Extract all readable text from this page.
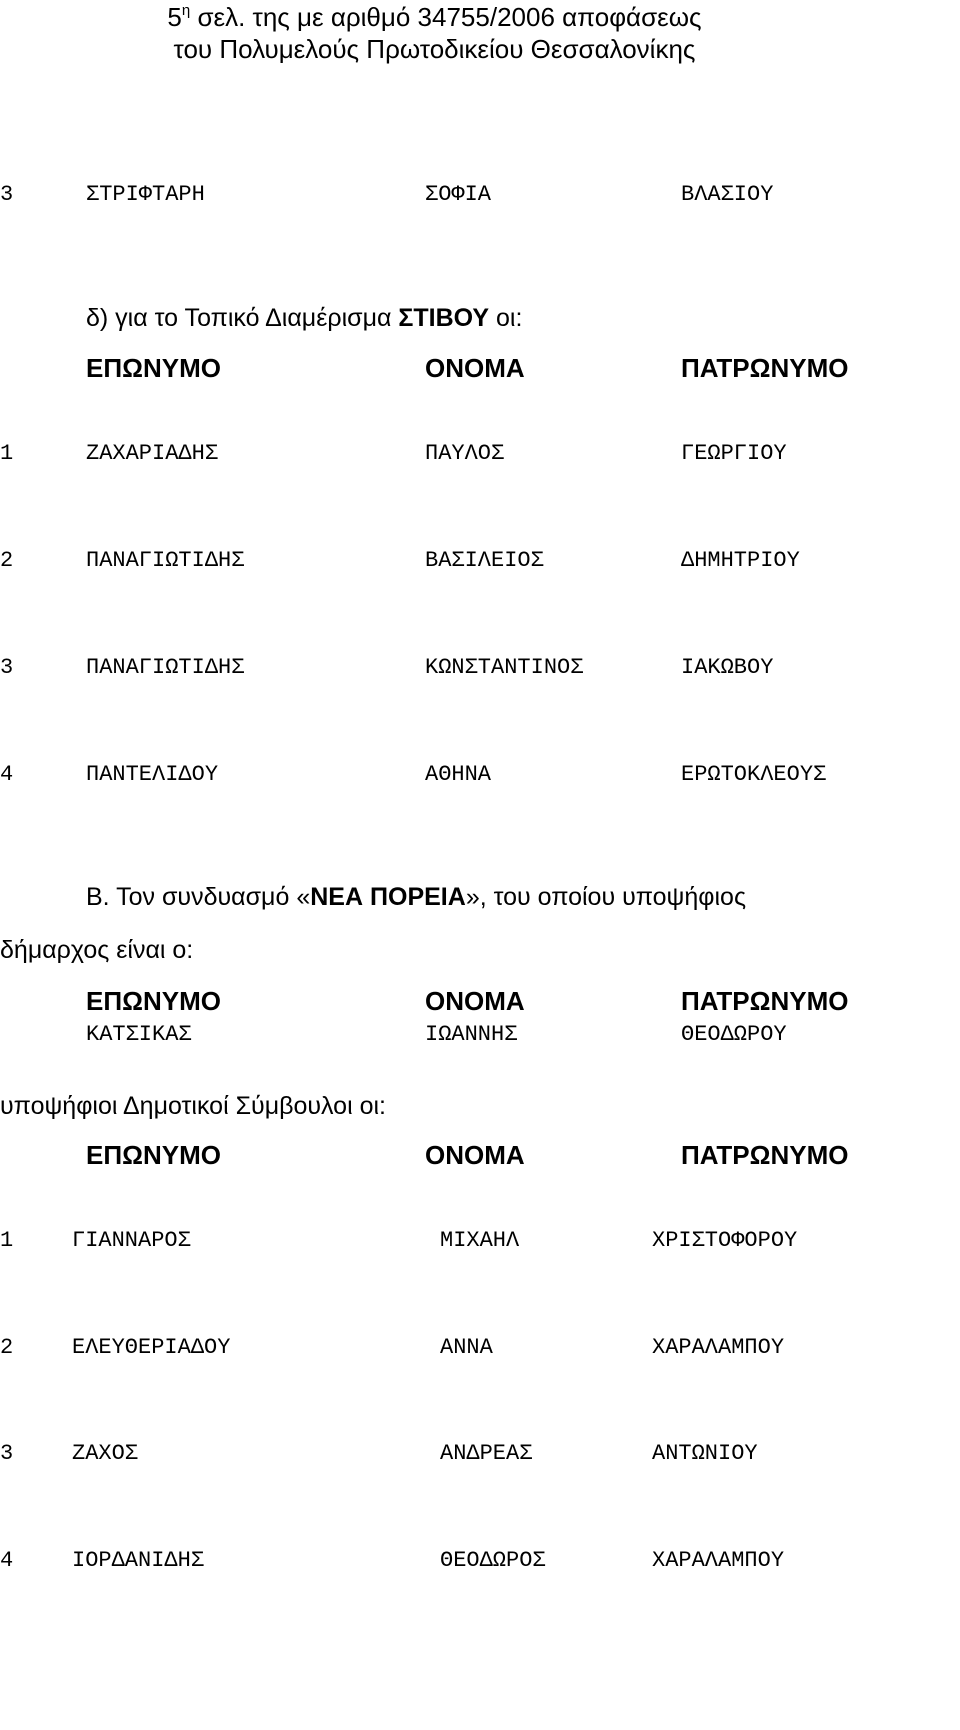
$5^\eta$ σελ. της με αριθμό 34755/2006 αποφάσεως
του Πολυμελούς Πρωτοδικείου Θεσσαλονίκης
3	ΣΤΡΙΦΤΑΡΗ	ΣΟΦΙΑ	ΒΛΑΣΙΟΥ
δ) για το Τοπικό Διαμέρισμα ΣΤΙΒΟΥ οι:
ΕΠΩΝΥΜΟ	ΟΝΟΜΑ	ΠΑΤΡΩΝΥΜΟ
1	ΖΑΧΑΡΙΑΔΗΣ	ΠΑΥΛΟΣ	ΓΕΩΡΓΙΟΥ
2	ΠΑΝΑΓΙΩΤΙΔΗΣ	ΒΑΣΙΛΕΙΟΣ	ΔΗΜΗΤΡΙΟΥ
3	ΠΑΝΑΓΙΩΤΙΔΗΣ	ΚΩΝΣΤΑΝΤΙΝΟΣ	ΙΑΚΩΒΟΥ
4	ΠΑΝΤΕΛΙΔΟΥ	ΑΘΗΝΑ	ΕΡΩΤΟΚΛΕΟΥΣ
Β. Τον συνδυασμό «ΝΕΑ ΠΟΡΕΙΑ», του οποίου υποψήφιος
δήμαρχος είναι ο:
ΕΠΩΝΥΜΟ	ΟΝΟΜΑ	ΠΑΤΡΩΝΥΜΟ
ΚΑΤΣΙΚΑΣ	ΙΩΑΝΝΗΣ	ΘΕΟΔΩΡΟΥ
υποψήφιοι Δημοτικοί Σύμβουλοι οι:
ΕΠΩΝΥΜΟ	ΟΝΟΜΑ	ΠΑΤΡΩΝΥΜΟ
1	ΓΙΑΝΝΑΡΟΣ	ΜΙΧΑΗΛ	ΧΡΙΣΤΟΦΟΡΟΥ
2	ΕΛΕΥΘΕΡΙΑΔΟΥ	ΑΝΝΑ	ΧΑΡΑΛΑΜΠΟΥ
3	ΖΑΧΟΣ	ΑΝΔΡΕΑΣ	ΑΝΤΩΝΙΟΥ
4	ΙΟΡΔΑΝΙΔΗΣ	ΘΕΟΔΩΡΟΣ	ΧΑΡΑΛΑΜΠΟΥ
